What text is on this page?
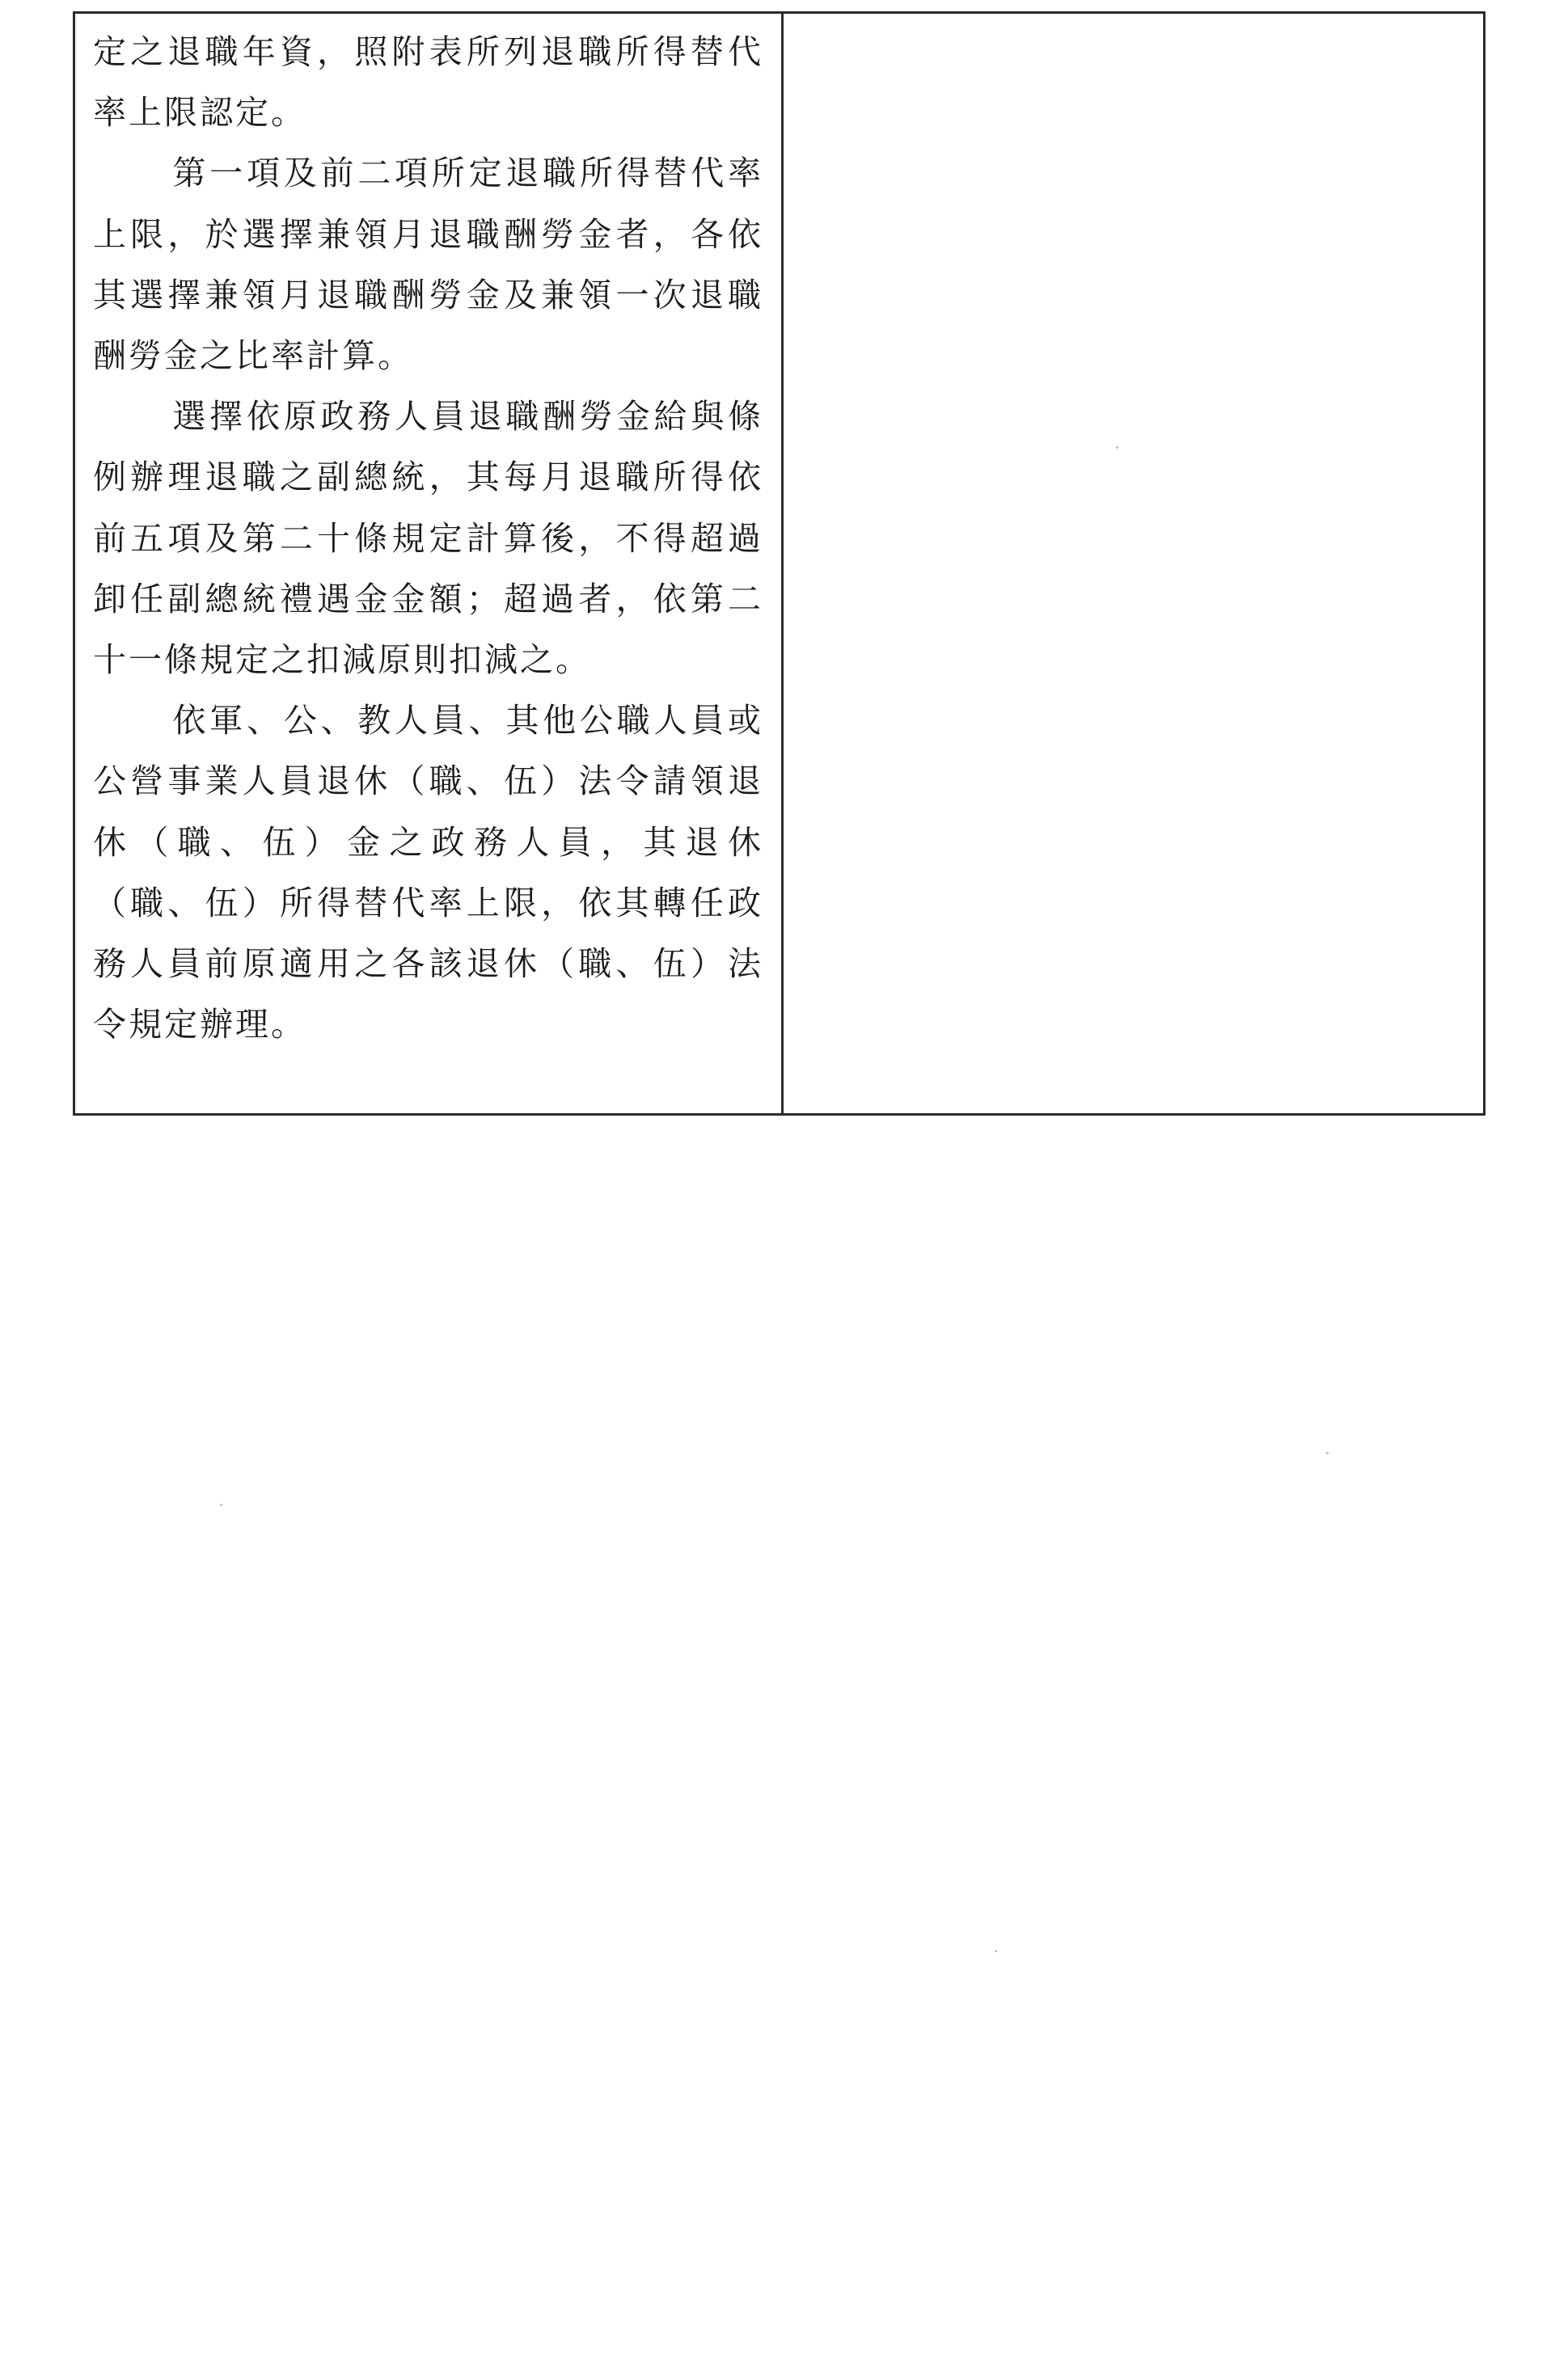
定之退職年資，照附表所列退職所得替代率上限認定。

第一項及前二項所定退職所得替代率上限，於選擇兼領月退職酬勞金者，各依其選擇兼領月退職酬勞金及兼領一次退職酬勞金之比率計算。

選擇依原政務人員退職酬勞金給與條例辦理退職之副總統，其每月退職所得依前五項及第二十條規定計算後，不得超過卸任副總統禮遇金金額；超過者，依第二十一條規定之扣減原則扣減之。

依軍、公、教人員、其他公職人員或公營事業人員退休（職、伍）法令請領退休（職、伍）金之政務人員，其退休（職、伍）所得替代率上限，依其轉任政務人員前原適用之各該退休（職、伍）法令規定辦理。
